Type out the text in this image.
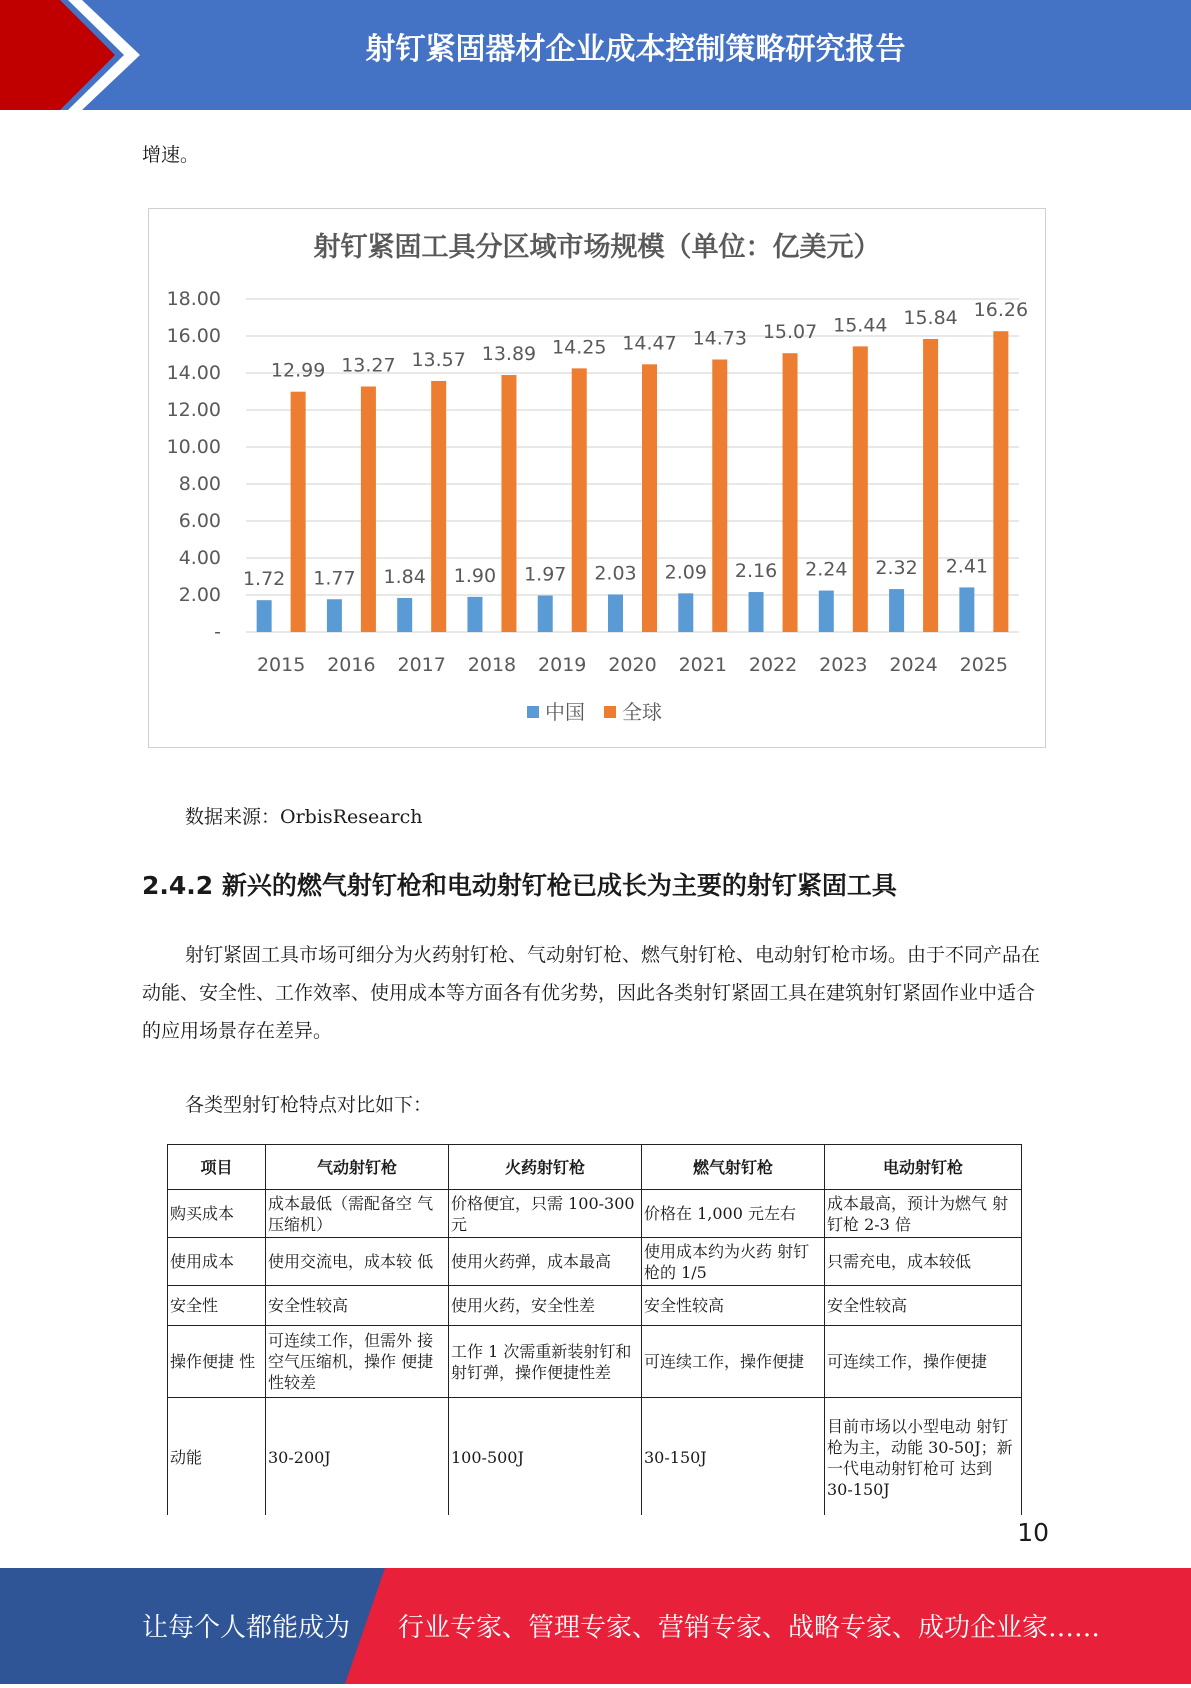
射钉紧固器材企业成本控制策略研究报告
增速。
射钉紧固工具分区域市场规模（单位：亿美元）
-
2.00
4.00
6.00
8.00
10.00
12.00
14.00
16.00
18.00
2015 2016 2017 2018 2019 2020 2021 2022 2023 2024 2025
1.72 1.77 1.84 1.90 1.97 2.03 2.09 2.16 2.24 2.32 2.41
12.99 13.27 13.57 13.89 14.25 14.47 14.73 15.07 15.44 15.84 16.26
中国 全球
数据来源：OrbisResearch
2.4.2 新兴的燃气射钉枪和电动射钉枪已成长为主要的射钉紧固工具
射钉紧固工具市场可细分为火药射钉枪、气动射钉枪、燃气射钉枪、电动射钉枪市场。由于不同产品在动能、安全性、工作效率、使用成本等方面各有优劣势，因此各类射钉紧固工具在建筑射钉紧固作业中适合的应用场景存在差异。
各类型射钉枪特点对比如下：
项目	气动射钉枪	火药射钉枪	燃气射钉枪	电动射钉枪
购买成本	成本最低（需配备空 气压缩机）	价格便宜，只需 100-300 元	价格在 1,000 元左右	成本最高，预计为燃气 射钉枪 2-3 倍
使用成本	使用交流电，成本较 低	使用火药弹，成本最高	使用成本约为火药 射钉枪的 1/5	只需充电，成本较低
安全性	安全性较高	使用火药，安全性差	安全性较高	安全性较高
操作便捷 性	可连续工作，但需外 接空气压缩机，操作 便捷性较差	工作 1 次需重新装射钉和射钉弹，操作便捷性差	可连续工作，操作便捷	可连续工作，操作便捷
动能	30-200J	100-500J	30-150J	目前市场以小型电动 射钉枪为主，动能 30-50J；新一代电动射钉枪可 达到 30-150J
10
让每个人都能成为 行业专家、管理专家、营销专家、战略专家、成功企业家……
